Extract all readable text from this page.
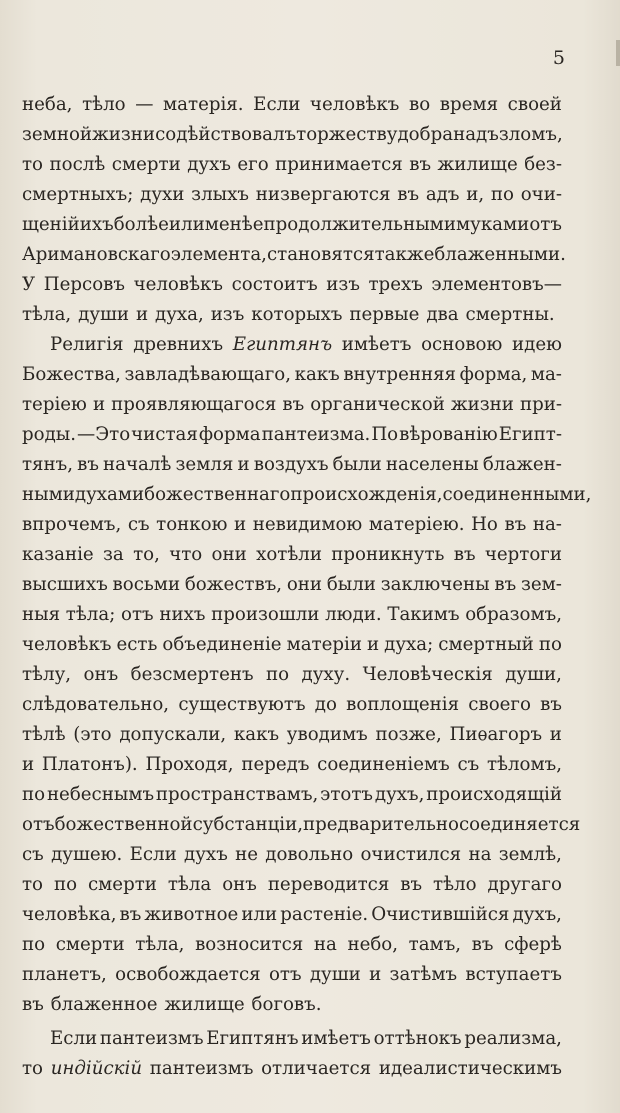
5
неба, тѣло — матерія. Если человѣкъ во время своей
земной жизни содѣйствовалъ торжеству добра надъ зломъ,
то послѣ смерти духъ его принимается въ жилище без-
смертныхъ; духи злыхъ низвергаются въ адъ и, по очи-
щеній ихъ болѣе или менѣе продолжительными муками отъ
Аримановскаго элемента, становятся также блаженными.
У Персовъ человѣкъ состоитъ изъ трехъ элементовъ—
тѣла, души и духа, изъ которыхъ первые два смертны.
Религія древнихъ Египтянъ имѣетъ основою идею
Божества, завладѣвающаго, какъ внутренняя форма, ма-
теріею и проявляющагося въ органической жизни при-
роды. —Это чистая форма пантеизма. По вѣрованію Египт-
тянъ, въ началѣ земля и воздухъ были населены блажен-
ными духами божественнаго происхожденія, соединенными,
впрочемъ, съ тонкою и невидимою матеріею. Но въ на-
казаніе за то, что они хотѣли проникнуть въ чертоги
высшихъ восьми божествъ, они были заключены въ зем-
ныя тѣла; отъ нихъ произошли люди. Такимъ образомъ,
человѣкъ есть объединеніе матеріи и духа; смертный по
тѣлу, онъ безсмертенъ по духу. Человѣческія души,
слѣдовательно, существуютъ до воплощенія своего въ
тѣлѣ (это допускали, какъ уводимъ позже, Пиѳагоръ и
и Платонъ). Проходя, передъ соединеніемъ съ тѣломъ,
по небеснымъ пространствамъ, этотъ духъ, происходящій
отъ божественной субстанціи, предварительно соединяется
съ душею. Если духъ не довольно очистился на землѣ,
то по смерти тѣла онъ переводится въ тѣло другаго
человѣка, въ животное или растеніе. Очистившійся духъ,
по смерти тѣла, возносится на небо, тамъ, въ сферѣ
планетъ, освобождается отъ души и затѣмъ вступаетъ
въ блаженное жилище боговъ.
Если пантеизмъ Египтянъ имѣетъ оттѣнокъ реализма,
то индійскій пантеизмъ отличается идеалистическимъ
